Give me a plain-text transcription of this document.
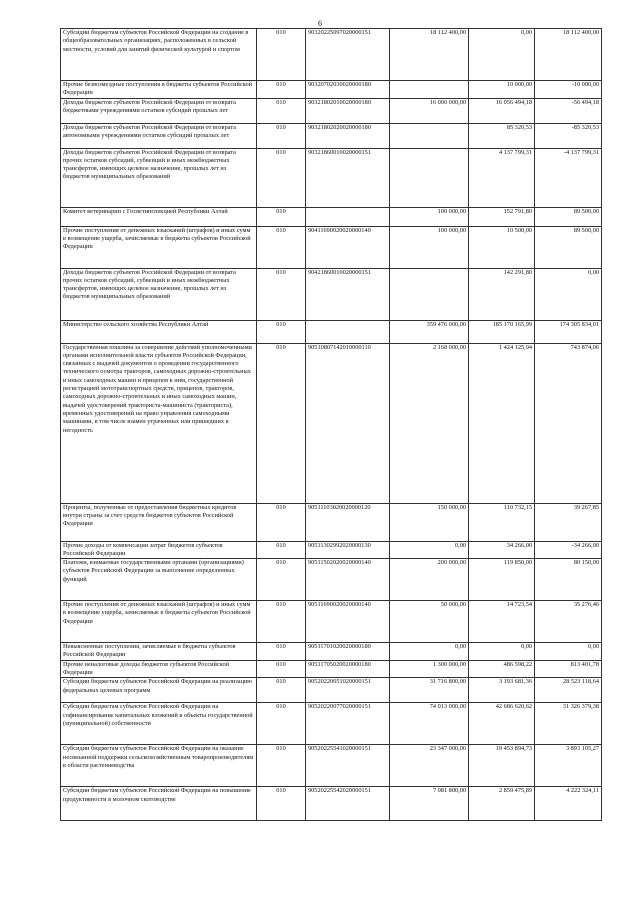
6
Субсидии бюджетам субъектов Российской Федерации на создание в общеобразовательных организациях, расположенных в сельской местности, условий для занятий физической культурой и спортом	010	90320225097020000151	18 112 400,00	0,00	18 112 400,00
Прочие безвозмездные поступления в бюджеты субъектов Российской Федерации	010	90320702030020000180		10 000,00	-10 000,00
Доходы бюджетов субъектов Российской Федерации от возврата бюджетными учреждениями остатков субсидий прошлых лет	010	90321802010020000180	16 000 000,00	16 056 494,18	-56 494,18
Доходы бюджетов субъектов Российской Федерации от возврата автономными учреждениями остатков субсидий прошлых лет	010	90321802020020000180		85 320,53	-85 320,53
Доходы бюджетов субъектов Российской Федерации от возврата прочих остатков субсидий, субвенций и иных межбюджетных трансфертов, имеющих целевое назначение, прошлых лет из бюджетов муниципальных образований	010	90321860010020000151		4 137 799,31	-4 137 799,31
Комитет ветеринарии с Госветинспекцией Республики Алтай	010		100 000,00	152 791,80	89 500,00
Прочие поступления от денежных взысканий (штрафов) и иных сумм в возмещение ущерба, зачисляемые в бюджеты субъектов Российской Федерации	010	90411690020020000140	100 000,00	10 500,00	89 500,00
Доходы бюджетов субъектов Российской Федерации от возврата прочих остатков субсидий, субвенций и иных межбюджетных трансфертов, имеющих целевое назначение, прошлых лет из бюджетов муниципальных образований	010	90421860010020000151		142 291,80	0,00
Министерство сельского хозяйства Республики Алтай	010		359 476 000,00	185 170 165,99	174 305 834,01
Государственная пошлина за совершение действий уполномоченными органами исполнительной власти субъектов Российской Федерации, связанных с выдачей документов о проведении государственного технического осмотра тракторов, самоходных дорожно-строительных и иных самоходных машин и прицепов к ним, государственной регистрацией мототранспортных средств, прицепов, тракторов, самоходных дорожно-строительных и иных самоходных машин, выдачей удостоверений тракториста-машиниста (тракториста), временных удостоверений на право управления самоходными машинами, в том числе взамен утраченных или пришедших в негодность	010	90510807142010000110	2 168 000,00	1 424 125,94	743 874,06
Проценты, полученные от предоставления бюджетных кредитов внутри страны за счет средств бюджетов субъектов Российской Федерации	010	90511103020020000120	150 000,00	110 732,15	39 267,85
Прочие доходы от компенсации затрат бюджетов субъектов Российской Федерации	010	90511302992020000130	0,00	34 266,00	-34 266,00
Платежи, взимаемые государственными органами (организациями) субъектов Российской Федерации за выполнение определенных функций	010	90511502020020000140	200 000,00	119 850,00	80 150,00
Прочие поступления от денежных взысканий (штрафов) и иных сумм в возмещение ущерба, зачисляемые в бюджеты субъектов Российской Федерации	010	90511690020020000140	50 000,00	14 723,54	35 276,46
Невыясненные поступления, зачисляемые в бюджеты субъектов Российской Федерации	010	90511701020020000180	0,00	0,00	0,00
Прочие неналоговые доходы бюджетов субъектов Российской Федерации	010	90511705020020000180	1 300 000,00	486 598,22	813 401,78
Субсидии бюджетам субъектов Российской Федерации на реализацию федеральных целевых программ	010	90520220051020000151	31 716 800,00	3 193 681,36	28 523 118,64
Субсидии бюджетам субъектов Российской Федерации на софинансирование капитальных вложений в объекты государственной (муниципальной) собственности	010	90520220077020000151	74 013 000,00	42 686 620,62	31 326 379,38
Субсидии бюджетам субъектов Российской Федерации на оказание несвязанной поддержки сельскохозяйственным товаропроизводителям в области растениеводства	010	90520225541020000151	23 347 000,00	19 453 894,73	3 893 105,27
Субсидии бюджетам субъектов Российской Федерации на повышение продуктивности в молочном скотоводстве	010	90520225542020000151	7 081 800,00	2 859 475,89	4 222 324,11
